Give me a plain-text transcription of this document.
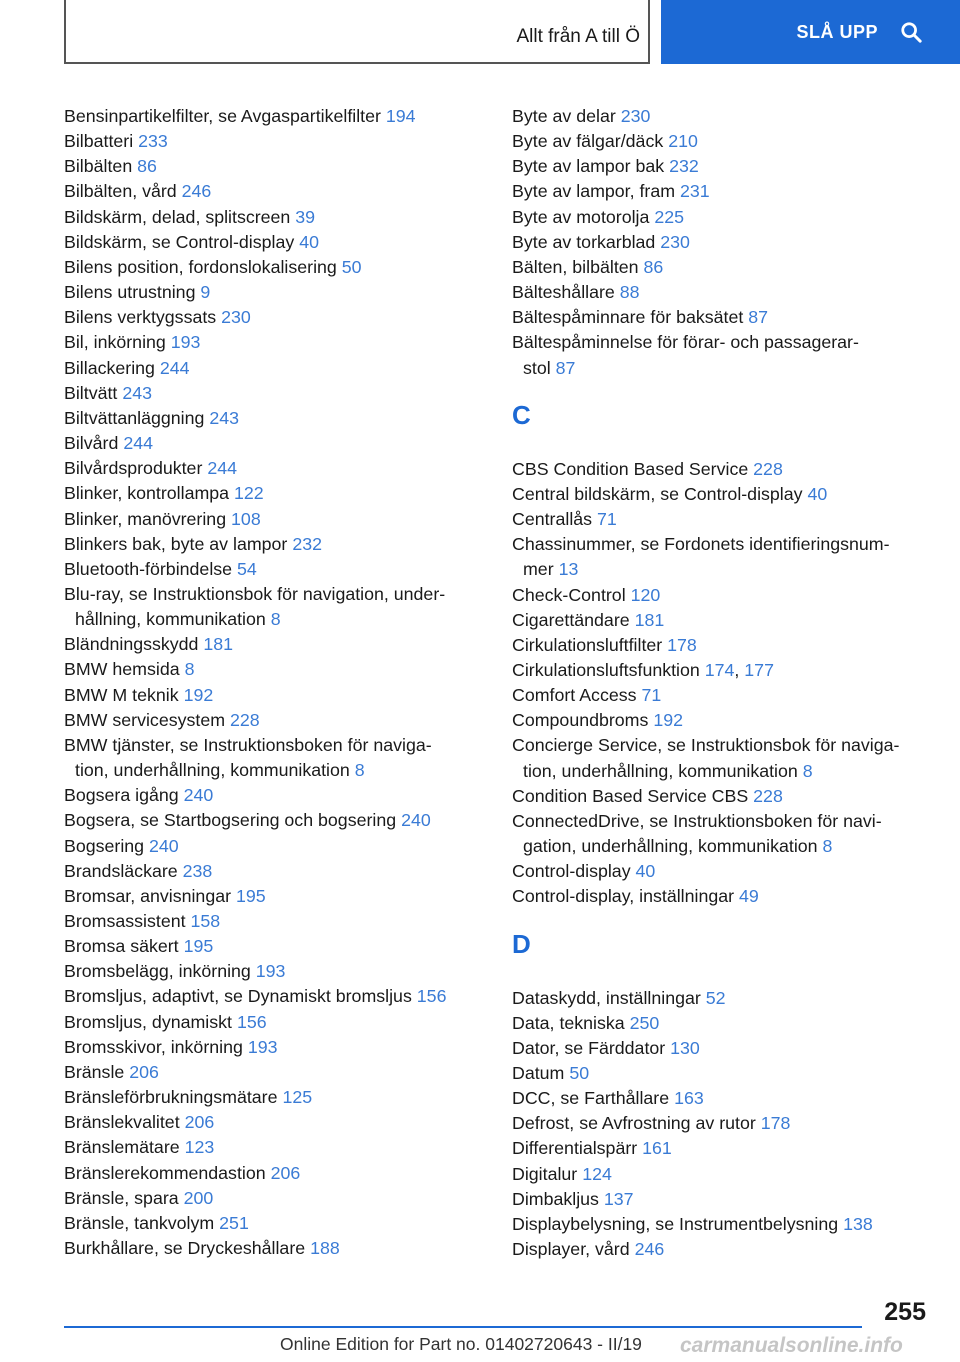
Allt från A till Ö	SLÅ UPP

Bensinpartikelfilter, se Avgaspartikelfilter 194

Bilbatteri 233

Bilbälten 86

Bilbälten, vård 246

Bildskärm, delad, splitscreen 39

Bildskärm, se Control-display 40

Bilens position, fordonslokalisering 50

Bilens utrustning 9

Bilens verktygssats 230

Bil, inkörning 193

Billackering 244

Biltvätt 243

Biltvättanläggning 243

Bilvård 244

Bilvårdsprodukter 244

Blinker, kontrollampa 122

Blinker, manövrering 108

Blinkers bak, byte av lampor 232

Bluetooth-förbindelse 54

Blu-ray, se Instruktionsbok för navigation, under-
hållning, kommunikation 8

Bländningsskydd 181

BMW hemsida 8

BMW M teknik 192

BMW servicesystem 228

BMW tjänster, se Instruktionsboken för naviga-
tion, underhållning, kommunikation 8

Bogsera igång 240

Bogsera, se Startbogsering och bogsering 240

Bogsering 240

Brandsläckare 238

Bromsar, anvisningar 195

Bromsassistent 158

Bromsa säkert 195

Bromsbelägg, inkörning 193

Bromsljus, adaptivt, se Dynamiskt bromsljus 156

Bromsljus, dynamiskt 156

Bromsskivor, inkörning 193

Bränsle 206

Bränsleförbrukningsmätare 125

Bränslekvalitet 206

Bränslemätare 123

Bränslerekommendastion 206

Bränsle, spara 200

Bränsle, tankvolym 251

Burkhållare, se Dryckeshållare 188

Byte av delar 230

Byte av fälgar/däck 210

Byte av lampor bak 232

Byte av lampor, fram 231

Byte av motorolja 225

Byte av torkarblad 230

Bälten, bilbälten 86

Bälteshållare 88

Bältespåminnare för baksätet 87

Bältespåminnelse för förar- och passagerar-
stol 87

C

CBS Condition Based Service 228

Central bildskärm, se Control-display 40

Centrallås 71

Chassinummer, se Fordonets identifieringsnum-
mer 13

Check-Control 120

Cigarettändare 181

Cirkulationsluftfilter 178

Cirkulationsluftsfunktion 174, 177

Comfort Access 71

Compoundbroms 192

Concierge Service, se Instruktionsbok för naviga-
tion, underhållning, kommunikation 8

Condition Based Service CBS 228

ConnectedDrive, se Instruktionsboken för navi-
gation, underhållning, kommunikation 8

Control-display 40

Control-display, inställningar 49

D

Dataskydd, inställningar 52

Data, tekniska 250

Dator, se Färddator 130

Datum 50

DCC, se Farthållare 163

Defrost, se Avfrostning av rutor 178

Differentialspärr 161

Digitalur 124

Dimbakljus 137

Displaybelysning, se Instrumentbelysning 138

Displayer, vård 246

255
Online Edition for Part no. 01402720643 - II/19 carmanualsonline.info
